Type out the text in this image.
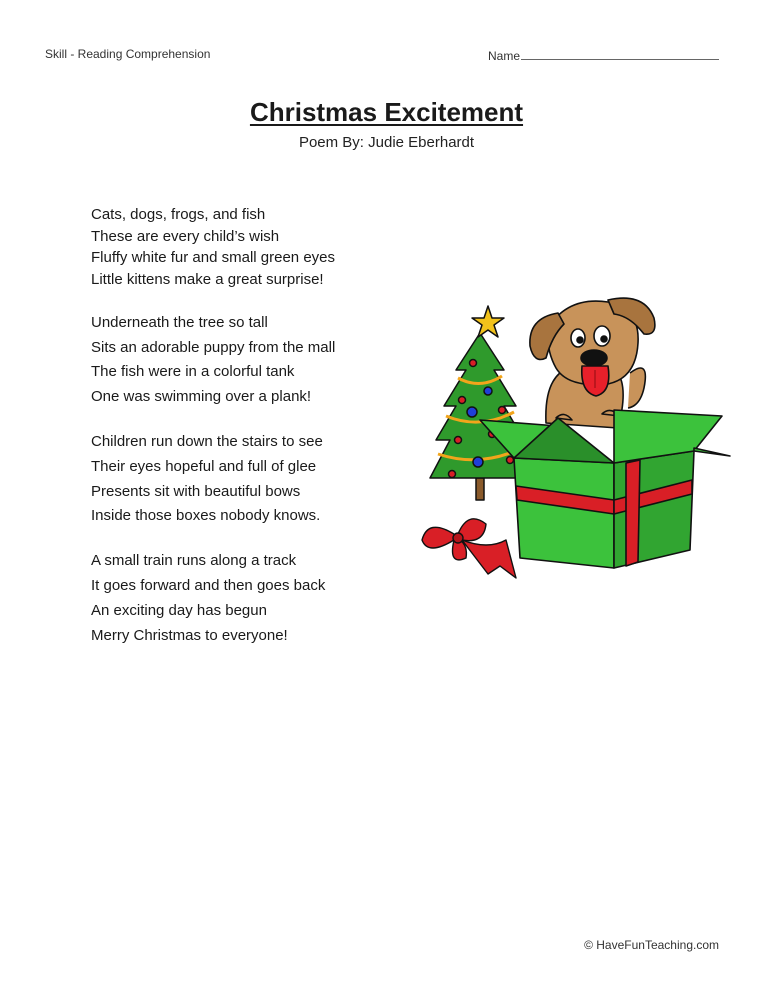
Skill - Reading Comprehension	Name
Christmas Excitement
Poem By: Judie Eberhardt
Cats, dogs, frogs, and fish
These are every child’s wish
Fluffy white fur and small green eyes
Little kittens make a great surprise!
Underneath the tree so tall
Sits an adorable puppy from the mall
The fish were in a colorful tank
One was swimming over a plank!
Children run down the stairs to see
Their eyes hopeful and full of glee
Presents sit with beautiful bows
Inside those boxes nobody knows.
A small train runs along a track
It goes forward and then goes back
An exciting day has begun
Merry Christmas to everyone!
© HaveFunTeaching.com
